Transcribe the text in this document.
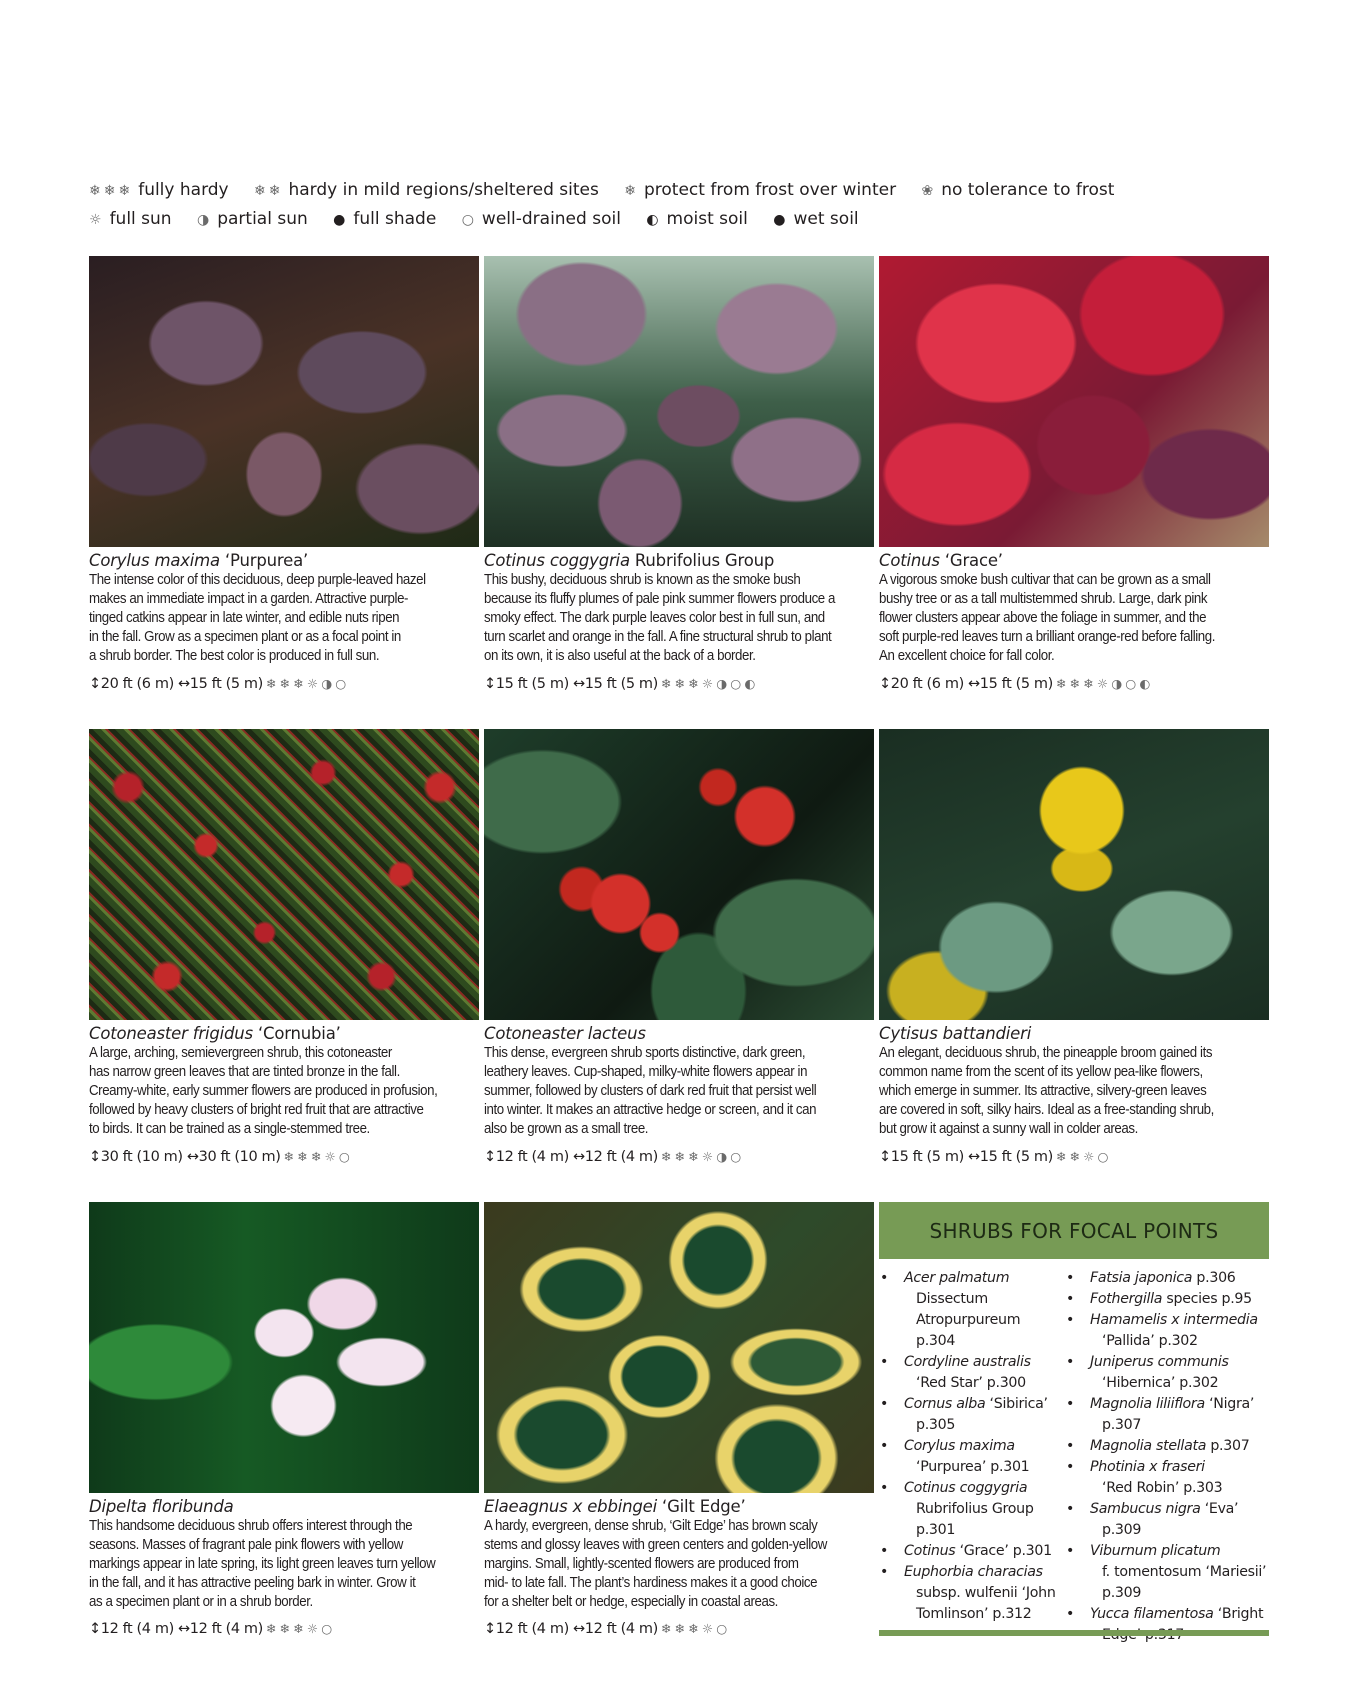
❄❄❄ fully hardy ❄❄ hardy in mild regions/sheltered sites ❄ protect from frost over winter ❀ no tolerance to frost
☼ full sun ◑ partial sun ● full shade ○ well-drained soil ◐ moist soil ● wet soil
Corylus maxima ‘Purpurea’
The intense color of this deciduous, deep purple-leaved hazel
makes an immediate impact in a garden. Attractive purple-
tinged catkins appear in late winter, and edible nuts ripen
in the fall. Grow as a specimen plant or as a focal point in
a shrub border. The best color is produced in full sun.
↕20 ft (6 m) ↔15 ft (5 m) ❄ ❄ ❄ ☼ ◑ ○
Cotinus coggygria Rubrifolius Group
This bushy, deciduous shrub is known as the smoke bush
because its fluffy plumes of pale pink summer flowers produce a
smoky effect. The dark purple leaves color best in full sun, and
turn scarlet and orange in the fall. A fine structural shrub to plant
on its own, it is also useful at the back of a border.
↕15 ft (5 m) ↔15 ft (5 m) ❄ ❄ ❄ ☼ ◑ ○ ◐
Cotinus ‘Grace’
A vigorous smoke bush cultivar that can be grown as a small
bushy tree or as a tall multistemmed shrub. Large, dark pink
flower clusters appear above the foliage in summer, and the
soft purple-red leaves turn a brilliant orange-red before falling.
An excellent choice for fall color.
↕20 ft (6 m) ↔15 ft (5 m) ❄ ❄ ❄ ☼ ◑ ○ ◐
Cotoneaster frigidus ‘Cornubia’
A large, arching, semievergreen shrub, this cotoneaster
has narrow green leaves that are tinted bronze in the fall.
Creamy-white, early summer flowers are produced in profusion,
followed by heavy clusters of bright red fruit that are attractive
to birds. It can be trained as a single-stemmed tree.
↕30 ft (10 m) ↔30 ft (10 m) ❄ ❄ ❄ ☼ ○
Cotoneaster lacteus
This dense, evergreen shrub sports distinctive, dark green,
leathery leaves. Cup-shaped, milky-white flowers appear in
summer, followed by clusters of dark red fruit that persist well
into winter. It makes an attractive hedge or screen, and it can
also be grown as a small tree.
↕12 ft (4 m) ↔12 ft (4 m) ❄ ❄ ❄ ☼ ◑ ○
Cytisus battandieri
An elegant, deciduous shrub, the pineapple broom gained its
common name from the scent of its yellow pea-like flowers,
which emerge in summer. Its attractive, silvery-green leaves
are covered in soft, silky hairs. Ideal as a free-standing shrub,
but grow it against a sunny wall in colder areas.
↕15 ft (5 m) ↔15 ft (5 m) ❄ ❄ ☼ ○
Dipelta floribunda
This handsome deciduous shrub offers interest through the
seasons. Masses of fragrant pale pink flowers with yellow
markings appear in late spring, its light green leaves turn yellow
in the fall, and it has attractive peeling bark in winter. Grow it
as a specimen plant or in a shrub border.
↕12 ft (4 m) ↔12 ft (4 m) ❄ ❄ ❄ ☼ ○
Elaeagnus x ebbingei ‘Gilt Edge’
A hardy, evergreen, dense shrub, ‘Gilt Edge’ has brown scaly
stems and glossy leaves with green centers and golden-yellow
margins. Small, lightly-scented flowers are produced from
mid- to late fall. The plant’s hardiness makes it a good choice
for a shelter belt or hedge, especially in coastal areas.
↕12 ft (4 m) ↔12 ft (4 m) ❄ ❄ ❄ ☼ ○
SHRUBS FOR FOCAL POINTS
• Acer palmatum
Dissectum
Atropurpureum
p.304
• Cordyline australis
‘Red Star’ p.300
• Cornus alba ‘Sibirica’
p.305
• Corylus maxima
‘Purpurea’ p.301
• Cotinus coggygria
Rubrifolius Group
p.301
• Cotinus ‘Grace’ p.301
• Euphorbia characias
subsp. wulfenii ‘John
Tomlinson’ p.312
• Fatsia japonica p.306
• Fothergilla species p.95
• Hamamelis x intermedia
‘Pallida’ p.302
• Juniperus communis
‘Hibernica’ p.302
• Magnolia liliiflora ‘Nigra’
p.307
• Magnolia stellata p.307
• Photinia x fraseri
‘Red Robin’ p.303
• Sambucus nigra ‘Eva’ p.309
• Viburnum plicatum
f. tomentosum ‘Mariesii’
p.309
• Yucca filamentosa ‘Bright
